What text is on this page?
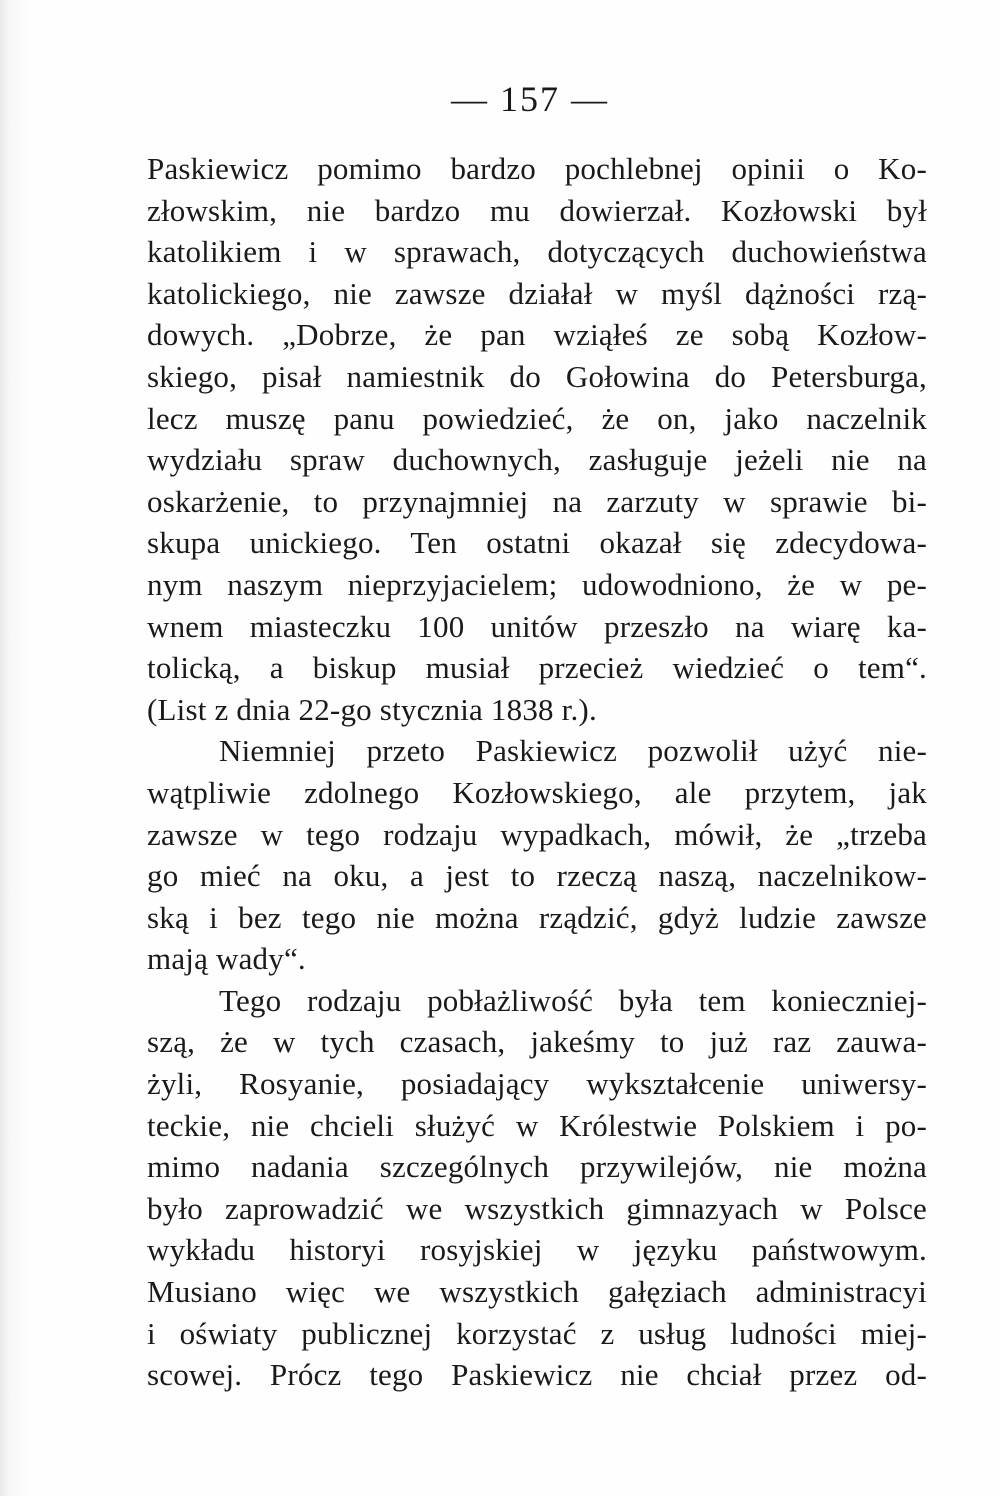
— 157 —
Paskiewicz pomimo bardzo pochlebnej opinii o Ko-
złowskim, nie bardzo mu dowierzał. Kozłowski był
katolikiem i w sprawach, dotyczących duchowieństwa
katolickiego, nie zawsze działał w myśl dążności rzą-
dowych. „Dobrze, że pan wziąłeś ze sobą Kozłow-
skiego, pisał namiestnik do Gołowina do Petersburga,
lecz muszę panu powiedzieć, że on, jako naczelnik
wydziału spraw duchownych, zasługuje jeżeli nie na
oskarżenie, to przynajmniej na zarzuty w sprawie bi-
skupa unickiego. Ten ostatni okazał się zdecydowa-
nym naszym nieprzyjacielem; udowodniono, że w pe-
wnem miasteczku 100 unitów przeszło na wiarę ka-
tolicką, a biskup musiał przecież wiedzieć o tem“.
(List z dnia 22-go stycznia 1838 r.).
Niemniej przeto Paskiewicz pozwolił użyć nie-
wątpliwie zdolnego Kozłowskiego, ale przytem, jak
zawsze w tego rodzaju wypadkach, mówił, że „trzeba
go mieć na oku, a jest to rzeczą naszą, naczelnikow-
ską i bez tego nie można rządzić, gdyż ludzie zawsze
mają wady“.
Tego rodzaju pobłażliwość była tem konieczniej-
szą, że w tych czasach, jakeśmy to już raz zauwa-
żyli, Rosyanie, posiadający wykształcenie uniwersy-
teckie, nie chcieli służyć w Królestwie Polskiem i po-
mimo nadania szczególnych przywilejów, nie można
było zaprowadzić we wszystkich gimnazyach w Polsce
wykładu historyi rosyjskiej w języku państwowym.
Musiano więc we wszystkich gałęziach administracyi
i oświaty publicznej korzystać z usług ludności miej-
scowej. Prócz tego Paskiewicz nie chciał przez od-
